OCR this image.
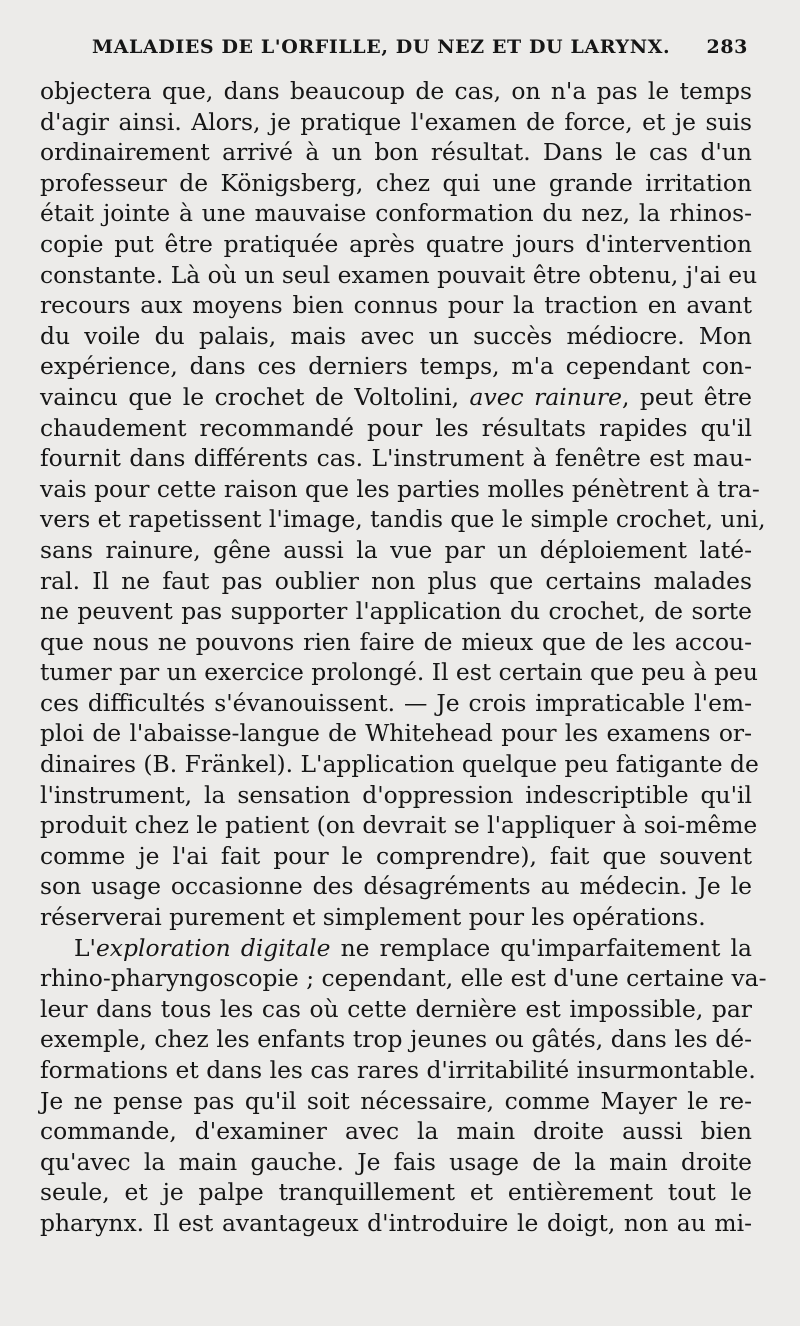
MALADIES DE L'ORFILLE, DU NEZ ET DU LARYNX. 283
objectera que, dans beaucoup de cas, on n'a pas le temps
d'agir ainsi. Alors, je pratique l'examen de force, et je suis
ordinairement arrivé à un bon résultat. Dans le cas d'un
professeur de Königsberg, chez qui une grande irritation
était jointe à une mauvaise conformation du nez, la rhinos-
copie put être pratiquée après quatre jours d'intervention
constante. Là où un seul examen pouvait être obtenu, j'ai eu
recours aux moyens bien connus pour la traction en avant
du voile du palais, mais avec un succès médiocre. Mon
expérience, dans ces derniers temps, m'a cependant con-
vaincu que le crochet de Voltolini, avec rainure, peut être
chaudement recommandé pour les résultats rapides qu'il
fournit dans différents cas. L'instrument à fenêtre est mau-
vais pour cette raison que les parties molles pénètrent à tra-
vers et rapetissent l'image, tandis que le simple crochet, uni,
sans rainure, gêne aussi la vue par un déploiement laté-
ral. Il ne faut pas oublier non plus que certains malades
ne peuvent pas supporter l'application du crochet, de sorte
que nous ne pouvons rien faire de mieux que de les accou-
tumer par un exercice prolongé. Il est certain que peu à peu
ces difficultés s'évanouissent. — Je crois impraticable l'em-
ploi de l'abaisse-langue de Whitehead pour les examens or-
dinaires (B. Fränkel). L'application quelque peu fatigante de
l'instrument, la sensation d'oppression indescriptible qu'il
produit chez le patient (on devrait se l'appliquer à soi-même
comme je l'ai fait pour le comprendre), fait que souvent
son usage occasionne des désagréments au médecin. Je le
réserverai purement et simplement pour les opérations.
L'exploration digitale ne remplace qu'imparfaitement la
rhino-pharyngoscopie ; cependant, elle est d'une certaine va-
leur dans tous les cas où cette dernière est impossible, par
exemple, chez les enfants trop jeunes ou gâtés, dans les dé-
formations et dans les cas rares d'irritabilité insurmontable.
Je ne pense pas qu'il soit nécessaire, comme Mayer le re-
commande, d'examiner avec la main droite aussi bien
qu'avec la main gauche. Je fais usage de la main droite
seule, et je palpe tranquillement et entièrement tout le
pharynx. Il est avantageux d'introduire le doigt, non au mi-
